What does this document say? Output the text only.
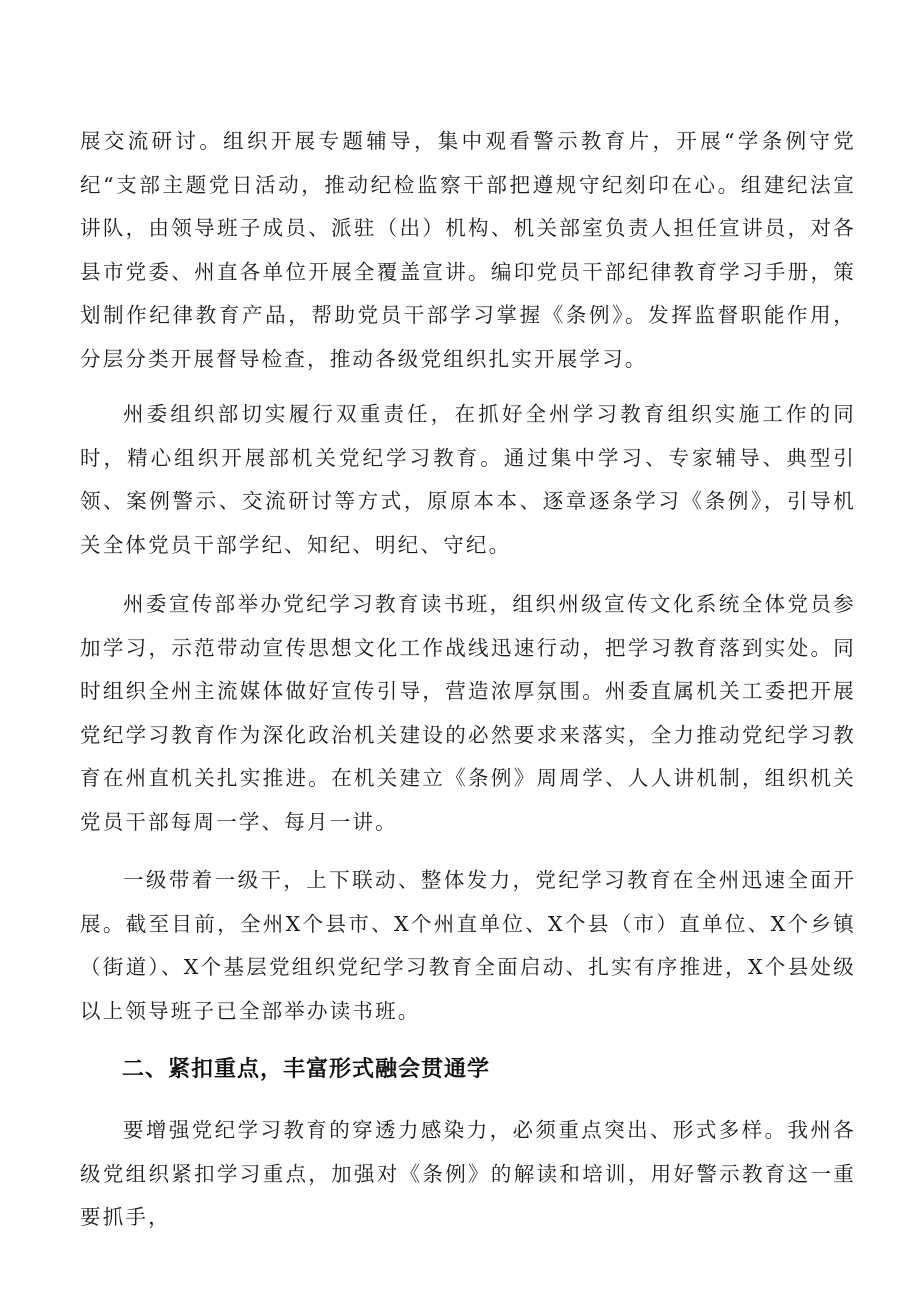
展交流研讨。组织开展专题辅导，集中观看警示教育片，开展“学条例守党纪“支部主题党日活动，推动纪检监察干部把遵规守纪刻印在心。组建纪法宣讲队，由领导班子成员、派驻（出）机构、机关部室负责人担任宣讲员，对各县市党委、州直各单位开展全覆盖宣讲。编印党员干部纪律教育学习手册，策划制作纪律教育产品，帮助党员干部学习掌握《条例》。发挥监督职能作用，分层分类开展督导检查，推动各级党组织扎实开展学习。

州委组织部切实履行双重责任，在抓好全州学习教育组织实施工作的同时，精心组织开展部机关党纪学习教育。通过集中学习、专家辅导、典型引领、案例警示、交流研讨等方式，原原本本、逐章逐条学习《条例》，引导机关全体党员干部学纪、知纪、明纪、守纪。

州委宣传部举办党纪学习教育读书班，组织州级宣传文化系统全体党员参加学习，示范带动宣传思想文化工作战线迅速行动，把学习教育落到实处。同时组织全州主流媒体做好宣传引导，营造浓厚氛围。州委直属机关工委把开展党纪学习教育作为深化政治机关建设的必然要求来落实，全力推动党纪学习教育在州直机关扎实推进。在机关建立《条例》周周学、人人讲机制，组织机关党员干部每周一学、每月一讲。

一级带着一级干，上下联动、整体发力，党纪学习教育在全州迅速全面开展。截至目前，全州X个县市、X个州直单位、X个县（市）直单位、X个乡镇（街道）、X个基层党组织党纪学习教育全面启动、扎实有序推进，X个县处级以上领导班子已全部举办读书班。

二、紧扣重点，丰富形式融会贯通学

要增强党纪学习教育的穿透力感染力，必须重点突出、形式多样。我州各级党组织紧扣学习重点，加强对《条例》的解读和培训，用好警示教育这一重要抓手，
